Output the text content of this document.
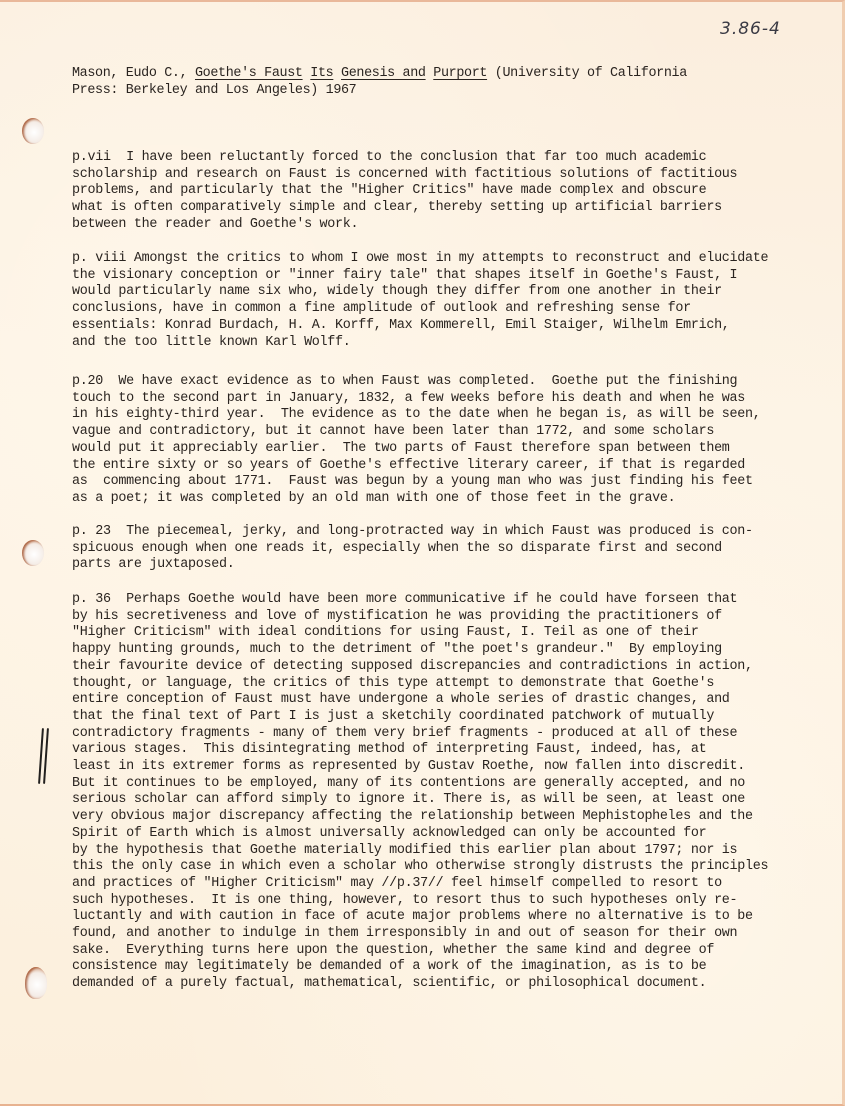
3.86-4
Mason, Eudo C., Goethe's Faust Its Genesis and Purport (University of California
Press: Berkeley and Los Angeles) 1967
p.vii  I have been reluctantly forced to the conclusion that far too much academic
scholarship and research on Faust is concerned with factitious solutions of factitious
problems, and particularly that the "Higher Critics" have made complex and obscure
what is often comparatively simple and clear, thereby setting up artificial barriers
between the reader and Goethe's work.
p. viii Amongst the critics to whom I owe most in my attempts to reconstruct and elucidate
the visionary conception or "inner fairy tale" that shapes itself in Goethe's Faust, I
would particularly name six who, widely though they differ from one another in their
conclusions, have in common a fine amplitude of outlook and refreshing sense for
essentials: Konrad Burdach, H. A. Korff, Max Kommerell, Emil Staiger, Wilhelm Emrich,
and the too little known Karl Wolff.
p.20  We have exact evidence as to when Faust was completed.  Goethe put the finishing
touch to the second part in January, 1832, a few weeks before his death and when he was
in his eighty-third year.  The evidence as to the date when he began is, as will be seen,
vague and contradictory, but it cannot have been later than 1772, and some scholars
would put it appreciably earlier.  The two parts of Faust therefore span between them
the entire sixty or so years of Goethe's effective literary career, if that is regarded
as  commencing about 1771.  Faust was begun by a young man who was just finding his feet
as a poet; it was completed by an old man with one of those feet in the grave.
p. 23  The piecemeal, jerky, and long-protracted way in which Faust was produced is con-
spicuous enough when one reads it, especially when the so disparate first and second
parts are juxtaposed.
p. 36  Perhaps Goethe would have been more communicative if he could have forseen that
by his secretiveness and love of mystification he was providing the practitioners of
"Higher Criticism" with ideal conditions for using Faust, I. Teil as one of their
happy hunting grounds, much to the detriment of "the poet's grandeur."  By employing
their favourite device of detecting supposed discrepancies and contradictions in action,
thought, or language, the critics of this type attempt to demonstrate that Goethe's
entire conception of Faust must have undergone a whole series of drastic changes, and
that the final text of Part I is just a sketchily coordinated patchwork of mutually
contradictory fragments - many of them very brief fragments - produced at all of these
various stages.  This disintegrating method of interpreting Faust, indeed, has, at
least in its extremer forms as represented by Gustav Roethe, now fallen into discredit.
But it continues to be employed, many of its contentions are generally accepted, and no
serious scholar can afford simply to ignore it. There is, as will be seen, at least one
very obvious major discrepancy affecting the relationship between Mephistopheles and the
Spirit of Earth which is almost universally acknowledged can only be accounted for
by the hypothesis that Goethe materially modified this earlier plan about 1797; nor is
this the only case in which even a scholar who otherwise strongly distrusts the principles
and practices of "Higher Criticism" may //p.37// feel himself compelled to resort to
such hypotheses.  It is one thing, however, to resort thus to such hypotheses only re-
luctantly and with caution in face of acute major problems where no alternative is to be
found, and another to indulge in them irresponsibly in and out of season for their own
sake.  Everything turns here upon the question, whether the same kind and degree of
consistence may legitimately be demanded of a work of the imagination, as is to be
demanded of a purely factual, mathematical, scientific, or philosophical document.
